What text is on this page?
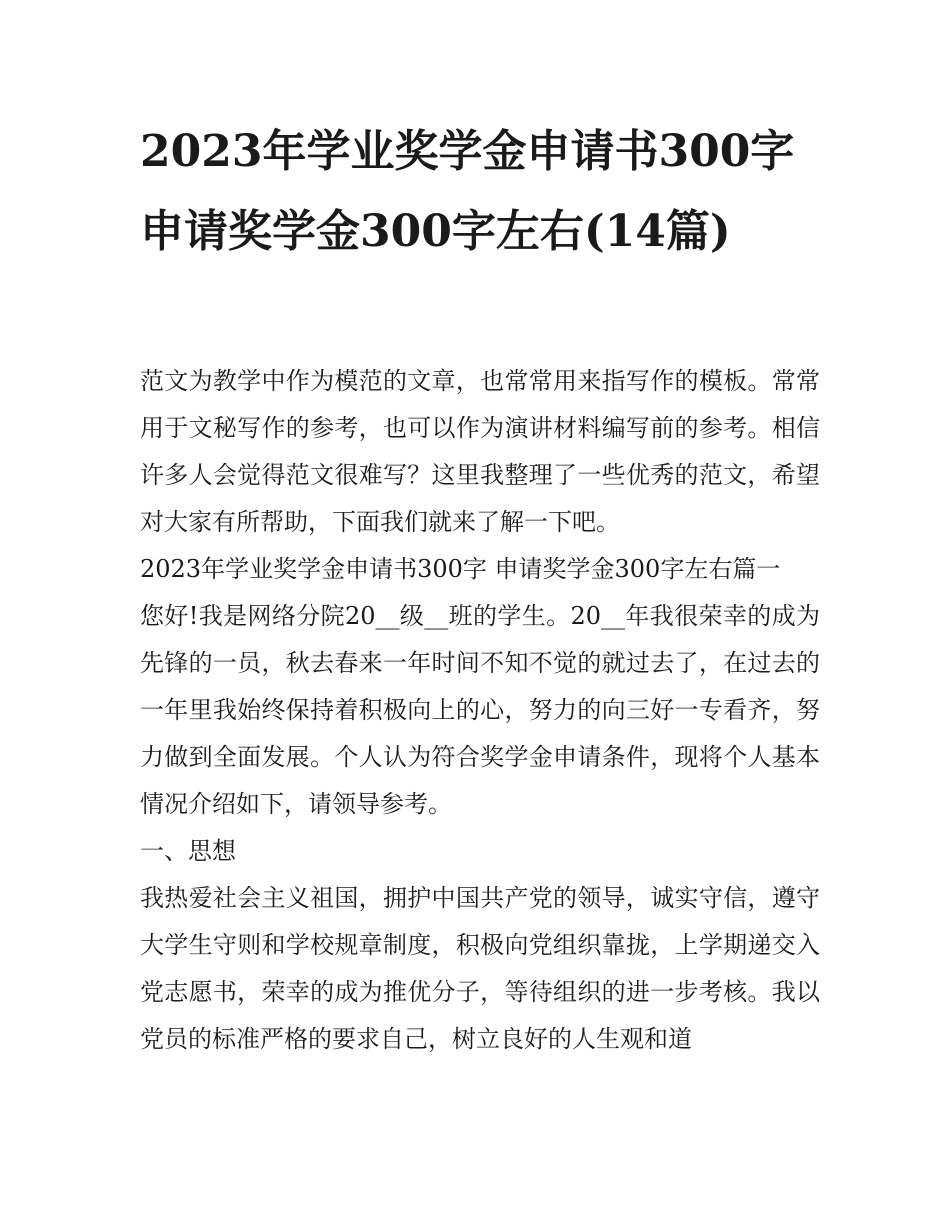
2023年学业奖学金申请书300字 申请奖学金300字左右(14篇)

范文为教学中作为模范的文章，也常常用来指写作的模板。常常用于文秘写作的参考，也可以作为演讲材料编写前的参考。相信许多人会觉得范文很难写？这里我整理了一些优秀的范文，希望对大家有所帮助，下面我们就来了解一下吧。

2023年学业奖学金申请书300字 申请奖学金300字左右篇一

您好!我是网络分院20__级__班的学生。20__年我很荣幸的成为先锋的一员，秋去春来一年时间不知不觉的就过去了，在过去的一年里我始终保持着积极向上的心，努力的向三好一专看齐，努力做到全面发展。个人认为符合奖学金申请条件，现将个人基本情况介绍如下，请领导参考。

一、思想

我热爱社会主义祖国，拥护中国共产党的领导，诚实守信，遵守大学生守则和学校规章制度，积极向党组织靠拢，上学期递交入党志愿书，荣幸的成为推优分子，等待组织的进一步考核。我以党员的标准严格的要求自己，树立良好的人生观和道
